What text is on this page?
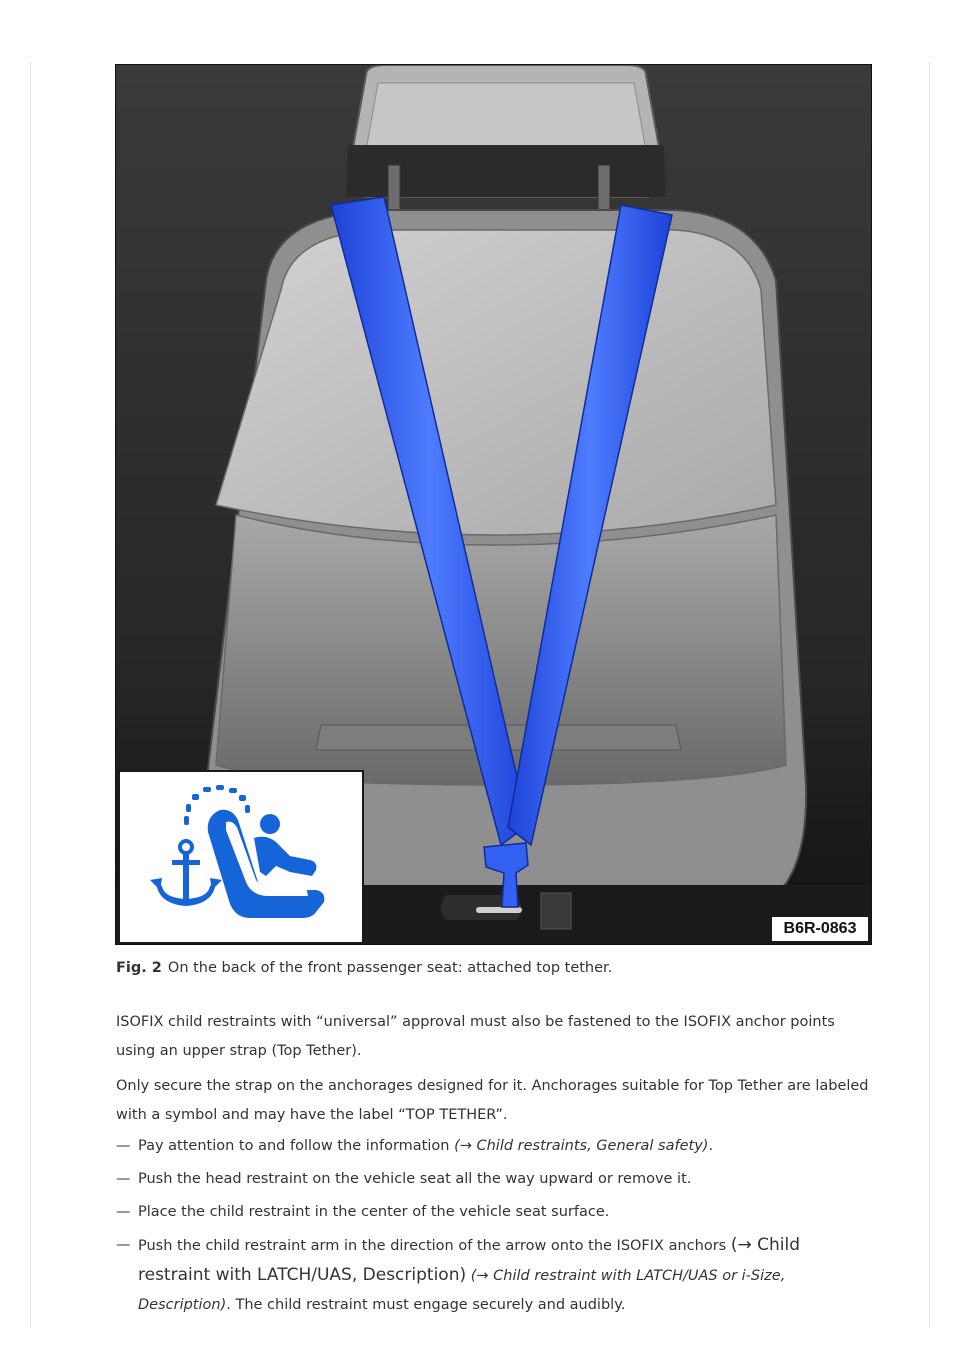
B6R-0863
Fig. 2 On the back of the front passenger seat: attached top tether.

ISOFIX child restraints with “universal” approval must also be fastened to the ISOFIX anchor points using an upper strap (Top Tether).

Only secure the strap on the anchorages designed for it. Anchorages suitable for Top Tether are labeled with a symbol and may have the label “TOP TETHER”.

— Pay attention to and follow the information (→ Child restraints, General safety).
— Push the head restraint on the vehicle seat all the way upward or remove it.
— Place the child restraint in the center of the vehicle seat surface.
— Push the child restraint arm in the direction of the arrow onto the ISOFIX anchors (→ Child restraint with LATCH/UAS, Description) (→ Child restraint with LATCH/UAS or i-Size, Description). The child restraint must engage securely and audibly.
